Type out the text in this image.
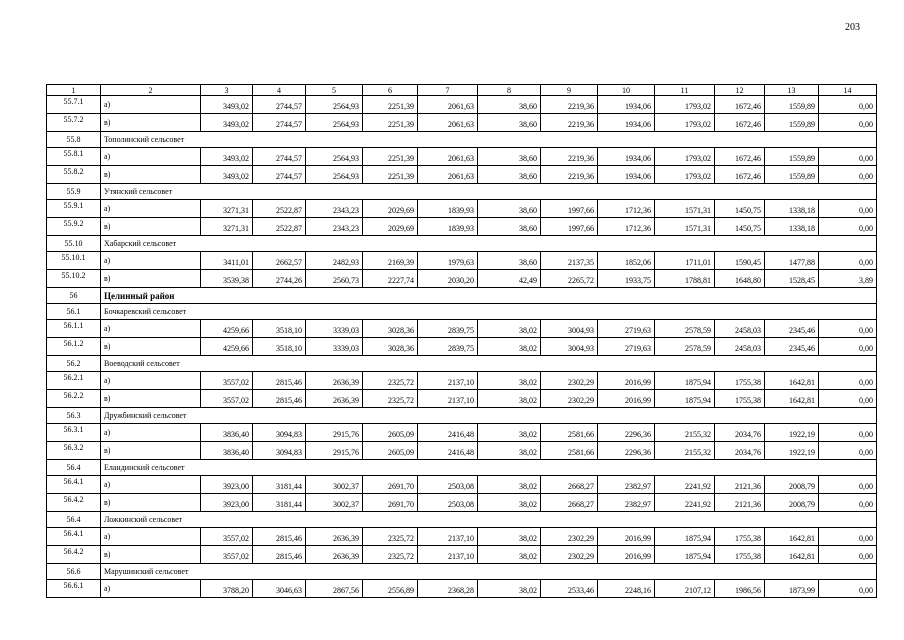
203
1	2	3	4	5	6	7	8	9	10	11	12	13	14
55.7.1	а)	3493,02	2744,57	2564,93	2251,39	2061,63	38,60	2219,36	1934,06	1793,02	1672,46	1559,89	0,00
55.7.2	в)	3493,02	2744,57	2564,93	2251,39	2061,63	38,60	2219,36	1934,06	1793,02	1672,46	1559,89	0,00
55.8	Тополинский сельсовет												
55.8.1	а)	3493,02	2744,57	2564,93	2251,39	2061,63	38,60	2219,36	1934,06	1793,02	1672,46	1559,89	0,00
55.8.2	в)	3493,02	2744,57	2564,93	2251,39	2061,63	38,60	2219,36	1934,06	1793,02	1672,46	1559,89	0,00
55.9	Утянский сельсовет												
55.9.1	а)	3271,31	2522,87	2343,23	2029,69	1839,93	38,60	1997,66	1712,36	1571,31	1450,75	1338,18	0,00
55.9.2	в)	3271,31	2522,87	2343,23	2029,69	1839,93	38,60	1997,66	1712,36	1571,31	1450,75	1338,18	0,00
55.10	Хабарский сельсовет												
55.10.1	а)	3411,01	2662,57	2482,93	2169,39	1979,63	38,60	2137,35	1852,06	1711,01	1590,45	1477,88	0,00
55.10.2	в)	3539,38	2744,26	2560,73	2227,74	2030,20	42,49	2265,72	1933,75	1788,81	1648,80	1528,45	3,89
56	Целинный район												
56.1	Бочкаревский сельсовет												
56.1.1	а)	4259,66	3518,10	3339,03	3028,36	2839,75	38,02	3004,93	2719,63	2578,59	2458,03	2345,46	0,00
56.1.2	в)	4259,66	3518,10	3339,03	3028,36	2839,75	38,02	3004,93	2719,63	2578,59	2458,03	2345,46	0,00
56.2	Воеводский сельсовет												
56.2.1	а)	3557,02	2815,46	2636,39	2325,72	2137,10	38,02	2302,29	2016,99	1875,94	1755,38	1642,81	0,00
56.2.2	в)	3557,02	2815,46	2636,39	2325,72	2137,10	38,02	2302,29	2016,99	1875,94	1755,38	1642,81	0,00
56.3	Дружбинский сельсовет												
56.3.1	а)	3836,40	3094,83	2915,76	2605,09	2416,48	38,02	2581,66	2296,36	2155,32	2034,76	1922,19	0,00
56.3.2	в)	3836,40	3094,83	2915,76	2605,09	2416,48	38,02	2581,66	2296,36	2155,32	2034,76	1922,19	0,00
56.4	Еландинский сельсовет												
56.4.1	а)	3923,00	3181,44	3002,37	2691,70	2503,08	38,02	2668,27	2382,97	2241,92	2121,36	2008,79	0,00
56.4.2	в)	3923,00	3181,44	3002,37	2691,70	2503,08	38,02	2668,27	2382,97	2241,92	2121,36	2008,79	0,00
56.4	Ложкинский сельсовет												
56.4.1	а)	3557,02	2815,46	2636,39	2325,72	2137,10	38,02	2302,29	2016,99	1875,94	1755,38	1642,81	0,00
56.4.2	в)	3557,02	2815,46	2636,39	2325,72	2137,10	38,02	2302,29	2016,99	1875,94	1755,38	1642,81	0,00
56.6	Марушинский сельсовет												
56.6.1	а)	3788,20	3046,63	2867,56	2556,89	2368,28	38,02	2533,46	2248,16	2107,12	1986,56	1873,99	0,00
